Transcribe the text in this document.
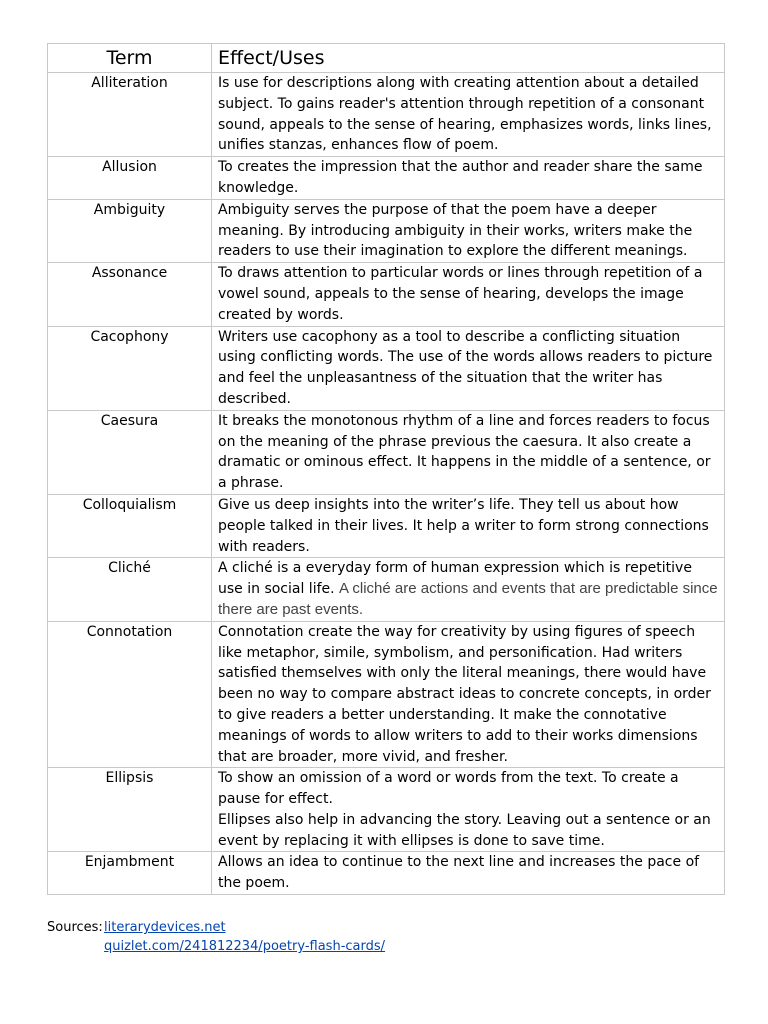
Term	Effect/Uses
Alliteration	Is use for descriptions along with creating attention about a detailed subject. To gains reader's attention through repetition of a consonant sound, appeals to the sense of hearing, emphasizes words, links lines, unifies stanzas, enhances flow of poem.
Allusion	To creates the impression that the author and reader share the same knowledge.
Ambiguity	Ambiguity serves the purpose of that the poem have a deeper meaning. By introducing ambiguity in their works, writers make the readers to use their imagination to explore the different meanings.
Assonance	To draws attention to particular words or lines through repetition of a vowel sound, appeals to the sense of hearing, develops the image created by words.
Cacophony	Writers use cacophony as a tool to describe a conflicting situation using conflicting words. The use of the words allows readers to picture and feel the unpleasantness of the situation that the writer has described.
Caesura	It breaks the monotonous rhythm of a line and forces readers to focus on the meaning of the phrase previous the caesura. It also create a dramatic or ominous effect. It happens in the middle of a sentence, or a phrase.
Colloquialism	Give us deep insights into the writer’s life. They tell us about how people talked in their lives. It help a writer to form strong connections with readers.
Cliché	A cliché is a everyday form of human expression which is repetitive use in social life. A cliché are actions and events that are predictable since there are past events.
Connotation	Connotation create the way for creativity by using figures of speech like metaphor, simile, symbolism, and personification. Had writers satisfied themselves with only the literal meanings, there would have been no way to compare abstract ideas to concrete concepts, in order to give readers a better understanding. It make the connotative meanings of words to allow writers to add to their works dimensions that are broader, more vivid, and fresher.
Ellipsis	To show an omission of a word or words from the text. To create a pause for effect.
Ellipses also help in advancing the story. Leaving out a sentence or an event by replacing it with ellipses is done to save time.

Enjambment	Allows an idea to continue to the next line and increases the pace of the poem.
Sources:literarydevices.net
quizlet.com/241812234/poetry-flash-cards/
